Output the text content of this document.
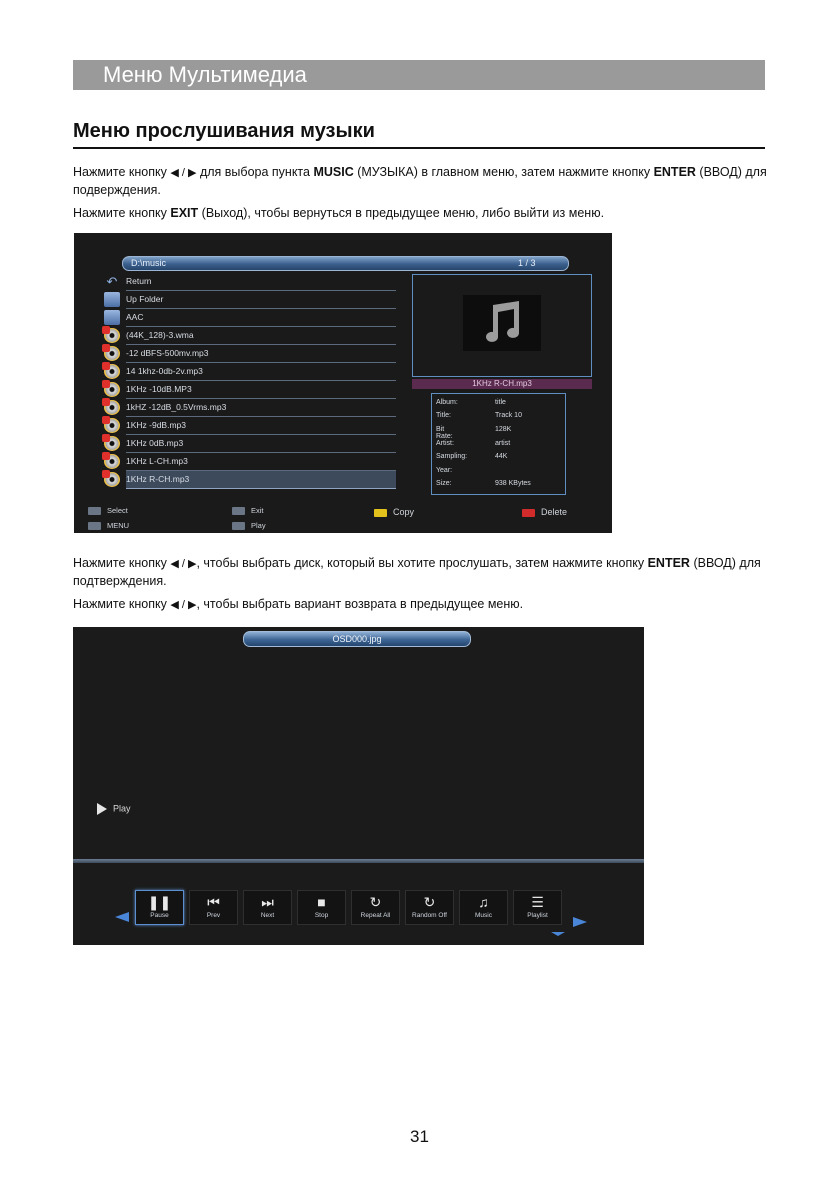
Меню Мультимедиа
Меню прослушивания музыки
Нажмите кнопку ◀ / ▶ для выбора пункта MUSIC (МУЗЫКА) в главном меню, затем нажмите кнопку ENTER (ВВОД) для подверждения.
Нажмите кнопку EXIT (Выход), чтобы вернуться в предыдущее меню, либо выйти из меню.
D:\music	1 / 3
↶ Return
Up Folder
AAC
(44K_128)-3.wma
-12 dBFS-500mv.mp3
14 1khz-0db-2v.mp3
1KHz -10dB.MP3
1kHZ -12dB_0.5Vrms.mp3
1KHz -9dB.mp3
1KHz 0dB.mp3
1KHz L-CH.mp3
1KHz R-CH.mp3
1KHz R-CH.mp3
Album:	title
Title:	Track 10
Bit Rate:
128K
Artist:	artist
Sampling:	44K
Year:
Size:	938 KBytes
Select
MENU
Exit
Play
Copy	Delete
Нажмите кнопку ◀ / ▶, чтобы выбрать диск, который вы хотите прослушать, затем нажмите кнопку ENTER (ВВОД) для подтверждения.
Нажмите кнопку ◀ / ▶, чтобы выбрать вариант возврата в предыдущее меню.
OSD000.jpg
Play
❚❚
Pause
⏮
Prev
⏭
Next
■
Stop
↻
Repeat All
↻
Random Off
♫
Music
☰
Playlist
31
